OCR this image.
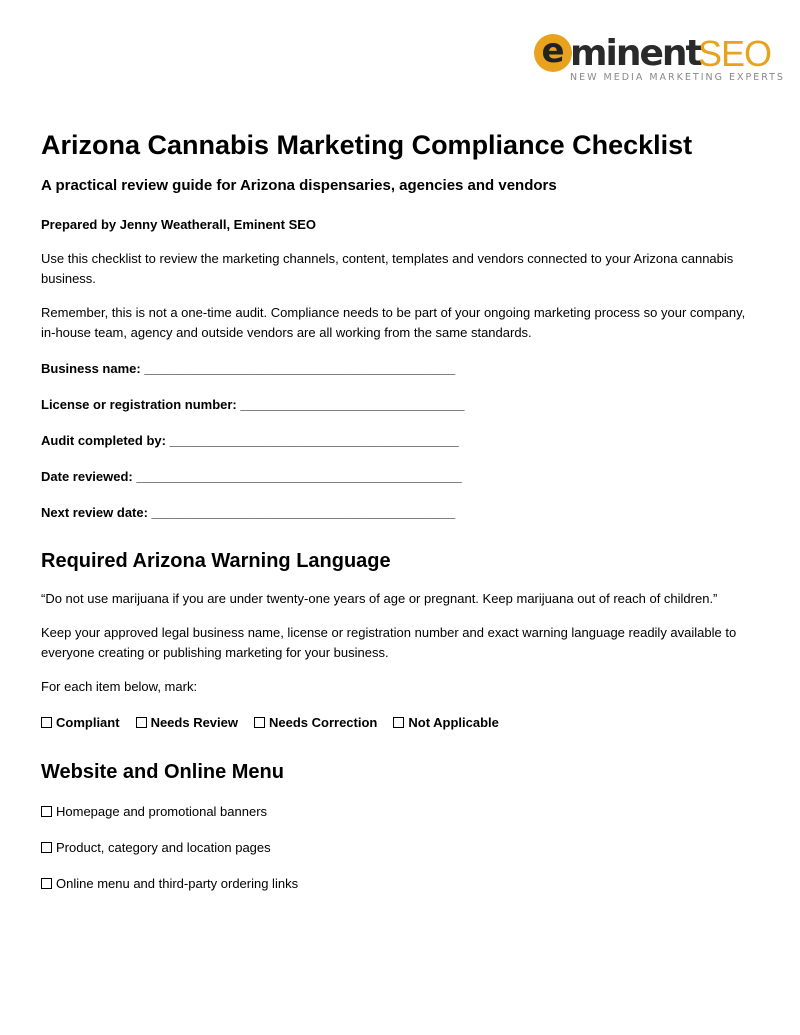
e minent
SEO
NEW MEDIA MARKETING EXPERTS
Arizona Cannabis Marketing Compliance Checklist
A practical review guide for Arizona dispensaries, agencies and vendors
Prepared by Jenny Weatherall, Eminent SEO

Use this checklist to review the marketing channels, content, templates and vendors connected to your Arizona cannabis business.

Remember, this is not a one-time audit. Compliance needs to be part of your ongoing marketing process so your company, in-house team, agency and outside vendors are all working from the same standards.

Business name: ___________________________________________
License or registration number: _______________________________
Audit completed by: ________________________________________
Date reviewed: _____________________________________________
Next review date: __________________________________________
Required Arizona Warning Language

“Do not use marijuana if you are under twenty-one years of age or pregnant. Keep marijuana out of reach of children.”

Keep your approved legal business name, license or registration number and exact warning language readily available to everyone creating or publishing marketing for your business.

For each item below, mark:

Compliant	Needs Review	Needs Correction	Not Applicable
Website and Online Menu
Homepage and promotional banners
Product, category and location pages
Online menu and third-party ordering links
